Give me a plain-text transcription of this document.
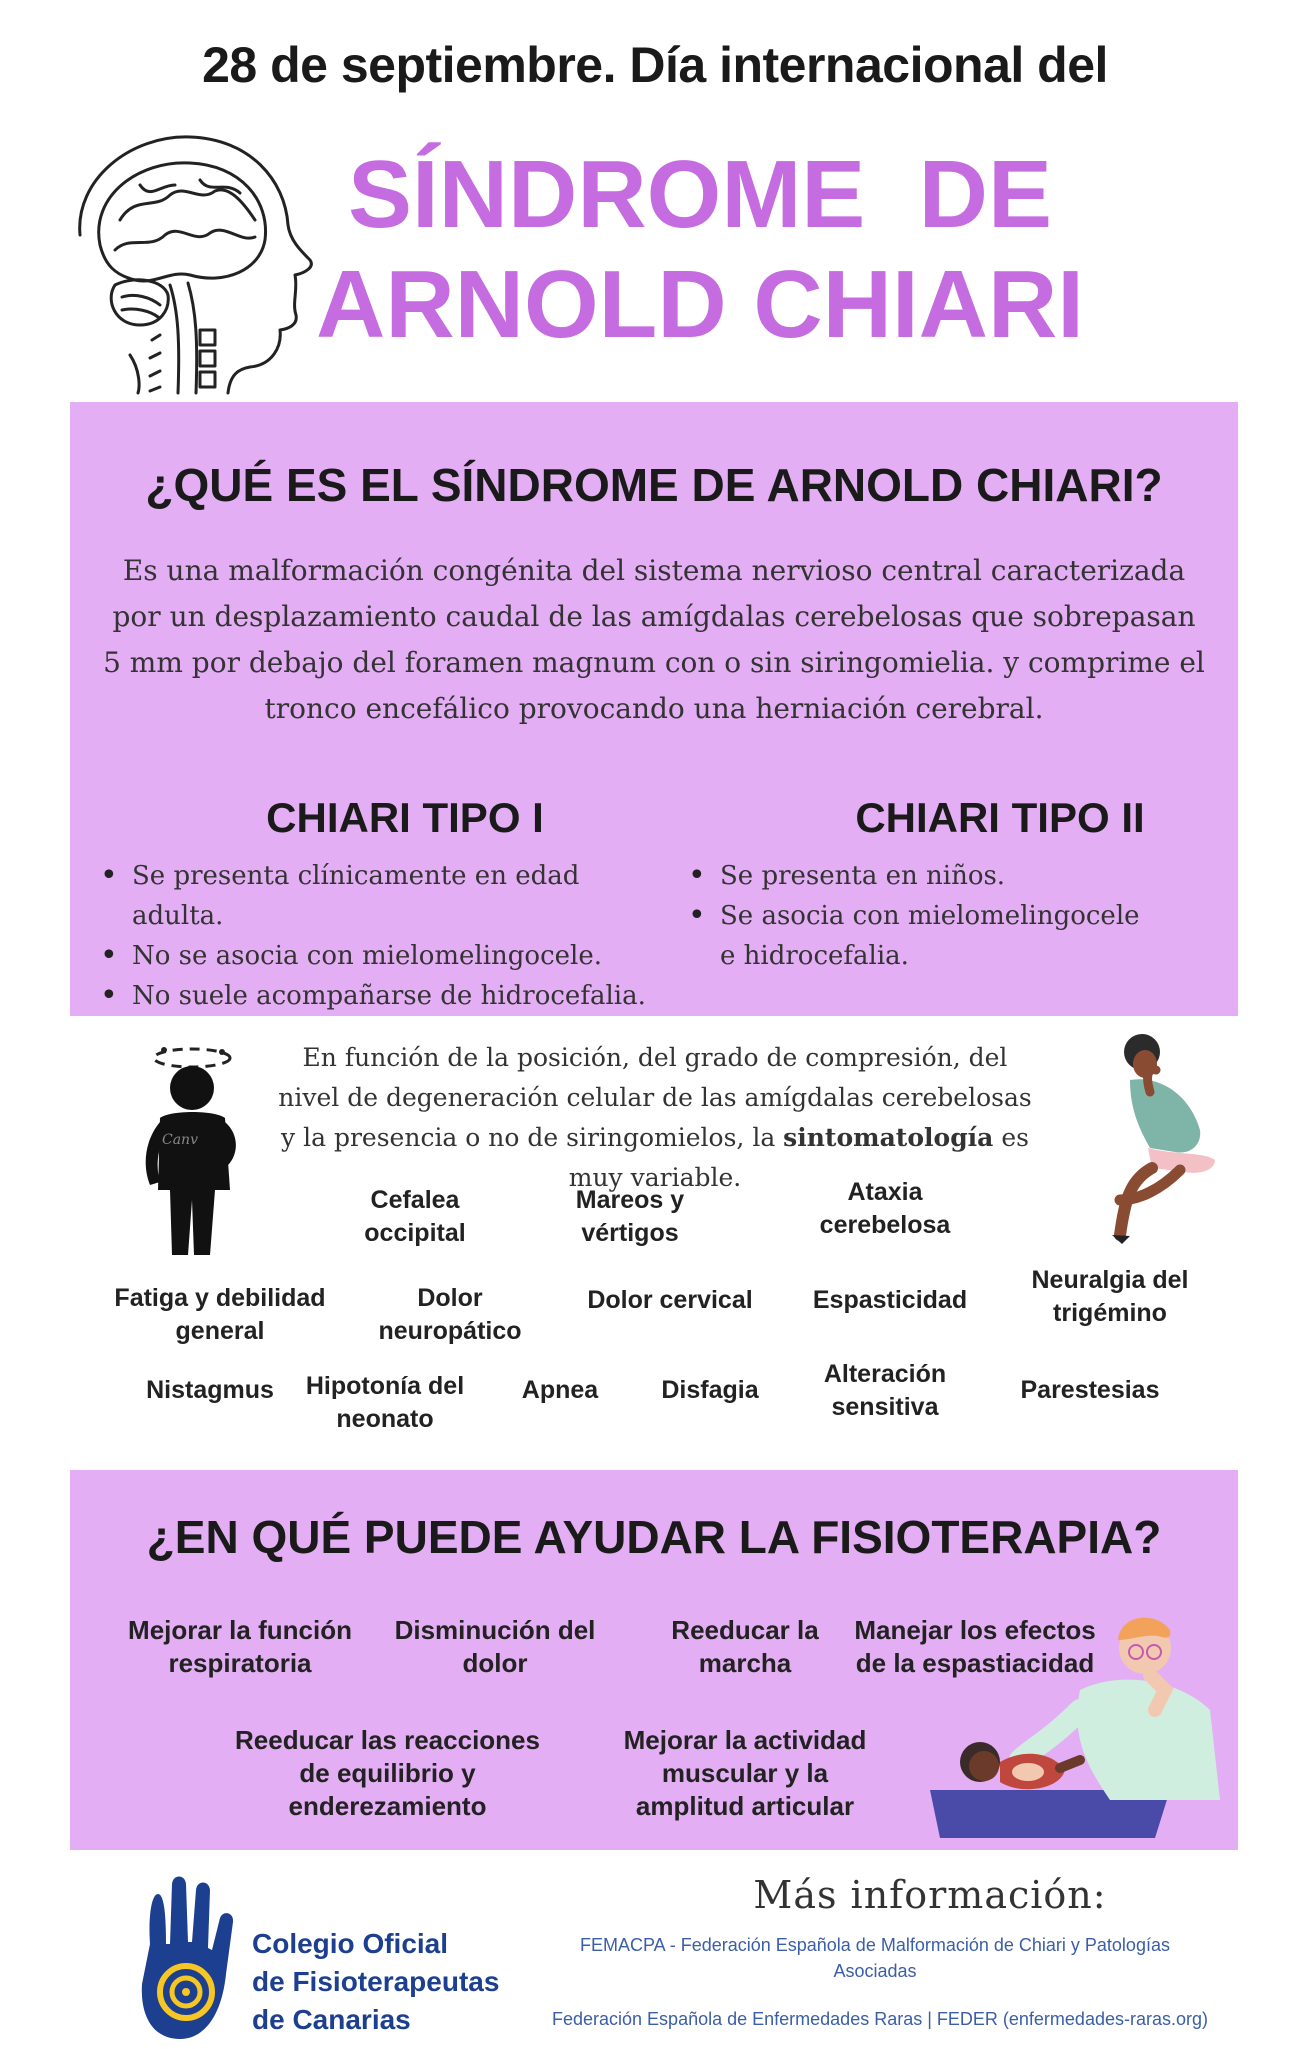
28 de septiembre. Día internacional del
SÍNDROME  DE
ARNOLD CHIARI
¿QUÉ ES EL SÍNDROME DE ARNOLD CHIARI?
Es una malformación congénita del sistema nervioso central caracterizada por un desplazamiento caudal de las amígdalas cerebelosas que sobrepasan 5 mm por debajo del foramen magnum con o sin siringomielia. y comprime el tronco encefálico provocando una herniación cerebral.
CHIARI TIPO I	CHIARI TIPO II
• Se presenta clínicamente en edad adulta.
• No se asocia con mielomelingocele.
• No suele acompañarse de hidrocefalia.
• Se presenta en niños.
• Se asocia con mielomelingocele e hidrocefalia.
Canv
En función de la posición, del grado de compresión, del nivel de degeneración celular de las amígdalas cerebelosas y la presencia o no de siringomielos, la sintomatología es muy variable.
Cefalea occipital
Mareos y vértigos
Ataxia cerebelosa
Fatiga y debilidad general
Dolor neuropático
Dolor cervical	Espasticidad
Neuralgia del trigémino
Nistagmus	Hipotonía del neonato
Apnea	Disfagia
Alteración sensitiva
Parestesias
¿EN QUÉ PUEDE AYUDAR LA FISIOTERAPIA?
Mejorar la función respiratoria
Disminución del dolor
Reeducar la marcha
Manejar los efectos de la espastiacidad
Reeducar las reacciones de equilibrio y enderezamiento
Mejorar la actividad muscular y la amplitud articular
Colegio Oficial
de Fisioterapeutas
de Canarias
Más información:
FEMACPA - Federación Española de Malformación de Chiari y Patologías Asociadas
Federación Española de Enfermedades Raras | FEDER (enfermedades-raras.org)
